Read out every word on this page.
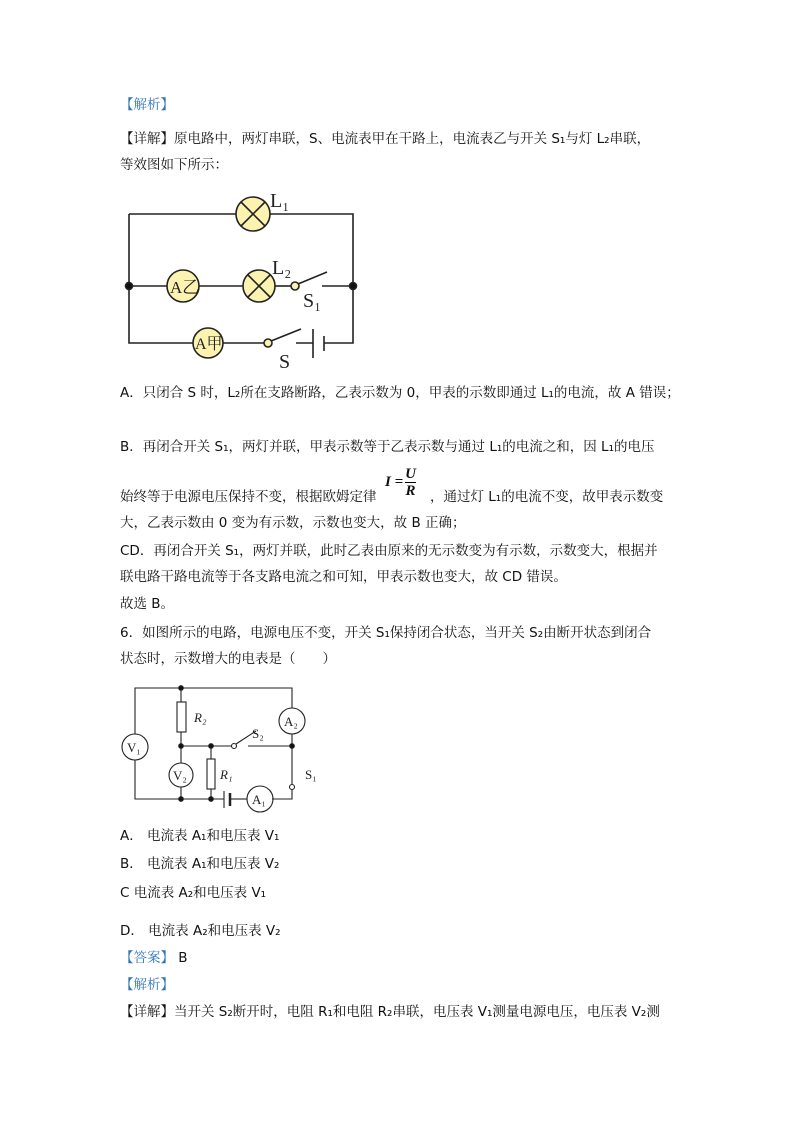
【解析】
【详解】原电路中，两灯串联，S、电流表甲在干路上，电流表乙与开关 S₁与灯 L₂串联，
等效图如下所示：
L₁
L₂
S₁
S
A乙
A甲
V₁
V₂
A₂
A₁
R₂
R₁
S₂
S₁
A．只闭合 S 时，L₂所在支路断路，乙表示数为 0，甲表的示数即通过 L₁的电流，故 A 错误；
B．再闭合开关 S₁，两灯并联，甲表示数等于乙表示数与通过 L₁的电流之和，因 L₁的电压
始终等于电源电压保持不变，根据欧姆定律
$I = \frac{U}{R}$ ，通过灯 L₁的电流不变，故甲表示数变
大，乙表示数由 0 变为有示数，示数也变大，故 B 正确；
CD．再闭合开关 S₁，两灯并联，此时乙表由原来的无示数变为有示数，示数变大，根据并
联电路干路电流等于各支路电流之和可知，甲表示数也变大，故 CD 错误。
故选 B。
6．如图所示的电路，电源电压不变，开关 S₁保持闭合状态，当开关 S₂由断开状态到闭合
状态时，示数增大的电表是（　　）
A． 电流表 A₁和电压表 V₁
B． 电流表 A₁和电压表 V₂
C 电流表 A₂和电压表 V₁
D． 电流表 A₂和电压表 V₂
【答案】 B
【解析】
【详解】当开关 S₂断开时，电阻 R₁和电阻 R₂串联，电压表 V₁测量电源电压，电压表 V₂测
